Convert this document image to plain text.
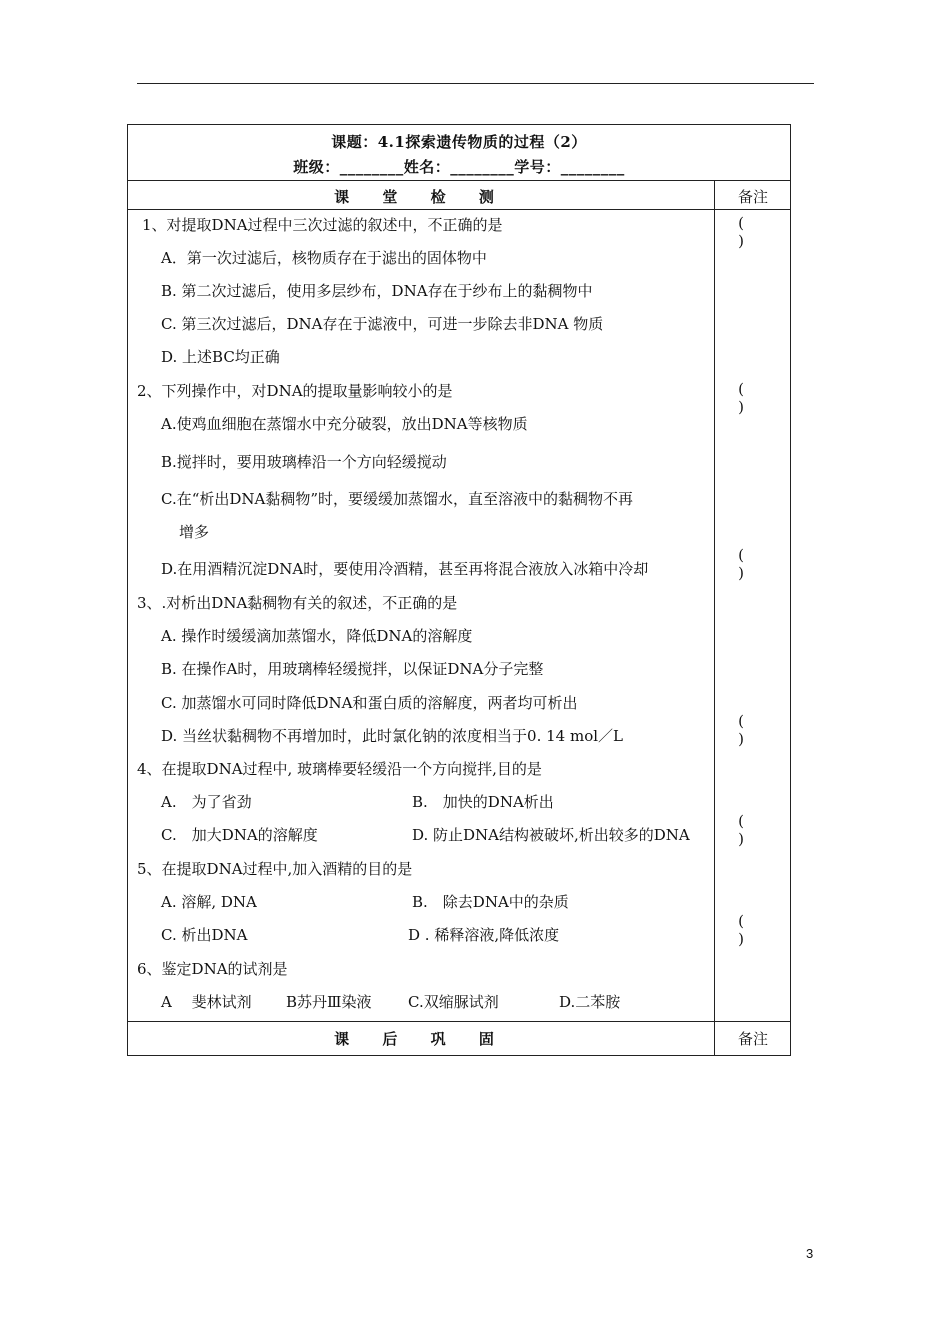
课题：4.1探索遗传物质的过程（2）
班级：________姓名：________学号：________
课 堂 检 测	备注
1、对提取DNA过程中三次过滤的叙述中，不正确的是
A．第一次过滤后，核物质存在于滤出的固体物中
B. 第二次过滤后，使用多层纱布，DNA存在于纱布上的黏稠物中
C. 第三次过滤后，DNA存在于滤液中，可进一步除去非DNA 物质
D. 上述BC均正确
( )
2、下列操作中，对DNA的提取量影响较小的是
A.使鸡血细胞在蒸馏水中充分破裂，放出DNA等核物质
B.搅拌时，要用玻璃棒沿一个方向轻缓搅动
C.在“析出DNA黏稠物”时，要缓缓加蒸馏水，直至溶液中的黏稠物不再
增多
D.在用酒精沉淀DNA时，要使用冷酒精，甚至再将混合液放入冰箱中冷却
( )
3、.对析出DNA黏稠物有关的叙述，不正确的是
A. 操作时缓缓滴加蒸馏水，降低DNA的溶解度
B. 在操作A时，用玻璃棒轻缓搅拌，以保证DNA分子完整
C. 加蒸馏水可同时降低DNA和蛋白质的溶解度，两者均可析出
D. 当丝状黏稠物不再增加时，此时氯化钠的浓度相当于0. 14 mol／L
( )
4、在提取DNA过程中, 玻璃棒要轻缓沿一个方向搅拌,目的是
A.　为了省劲	B.　加快的DNA析出
C.　加大DNA的溶解度	D. 防止DNA结构被破坏,析出较多的DNA
( )
5、在提取DNA过程中,加入酒精的目的是
A. 溶解, DNA	B.　除去DNA中的杂质
C. 析出DNA	D . 稀释溶液,降低浓度
( )
6、鉴定DNA的试剂是
A　 斐林试剂 B苏丹Ⅲ染液 C.双缩脲试剂	D.二苯胺
( )
课 后 巩 固	备注
3
